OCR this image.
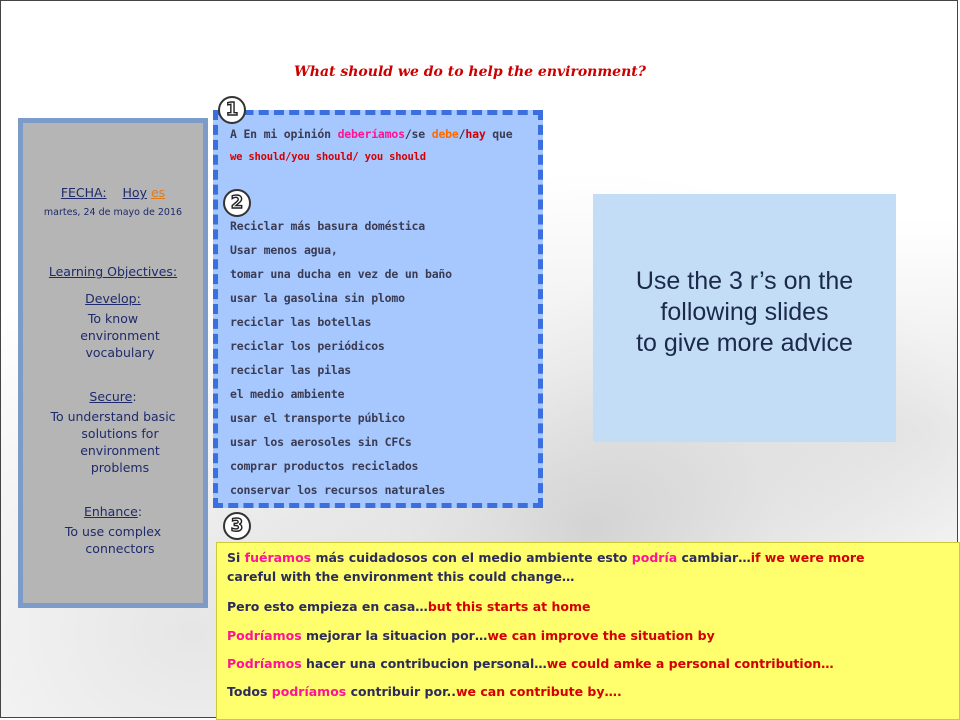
What should we do to help the environment?
FECHA: Hoy es
martes, 24 de mayo de 2016
Learning Objectives:
Develop:
To know
environment
vocabulary
Secure:
To understand basic
solutions for
environment
problems
Enhance:
To use complex
connectors
A En mi opinión deberíamos/se debe/hay que
we should/you should/ you should
Reciclar más basura doméstica
Usar menos agua,
tomar una ducha en vez de un baño
usar la gasolina sin plomo
reciclar las botellas
reciclar los periódicos
reciclar las pilas
el medio ambiente
usar el transporte público
usar los aerosoles sin CFCs
comprar productos reciclados
conservar los recursos naturales
1
2
3
Use the 3 r’s on the
following slides
to give more advice
Si fuéramos más cuidadosos con el medio ambiente esto podría cambiar…if we were more
careful with the environment this could change…
Pero esto empieza en casa…but this starts at home
Podríamos mejorar la situacion por…we can improve the situation by
Podríamos hacer una contribucion personal…we could amke a personal contribution…
Todos podríamos contribuir por..we can contribute by….
